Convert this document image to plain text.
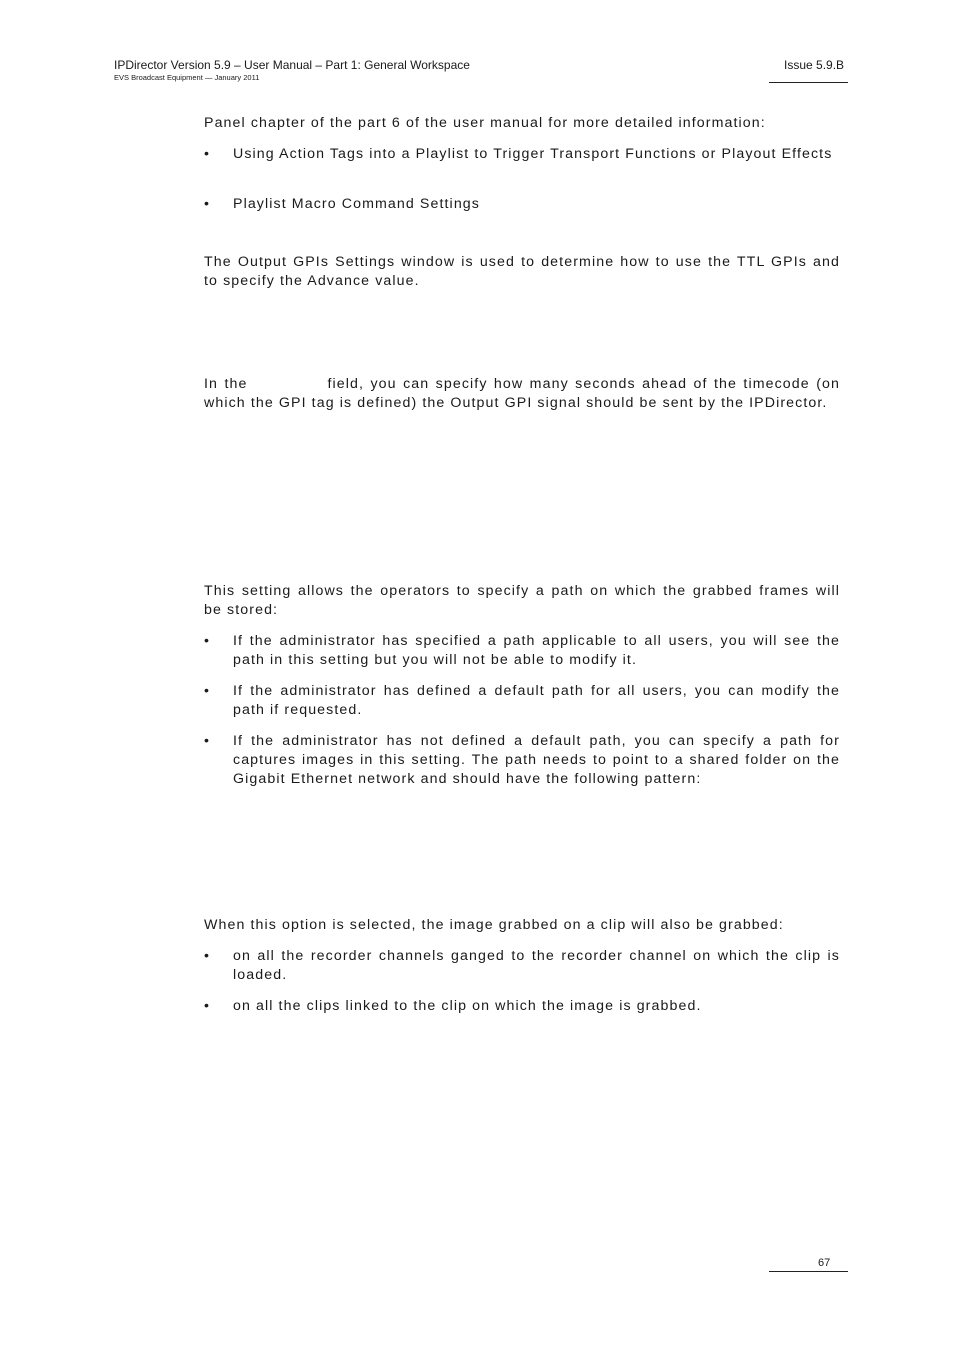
IPDirector Version 5.9 – User Manual – Part 1: General Workspace
EVS Broadcast Equipment — January 2011
Issue 5.9.B

Panel chapter of the part 6 of the user manual for more detailed information:

•	Using Action Tags into a Playlist to Trigger Transport Functions or Playout Effects
•	Playlist Macro Command Settings

The Output GPIs Settings window is used to determine how to use the TTL GPIs and to specify the Advance value.

In the	field, you can specify how many seconds ahead of the timecode (on which the GPI tag is defined) the Output GPI signal should be sent by the IPDirector.

This setting allows the operators to specify a path on which the grabbed frames will be stored:

•	If the administrator has specified a path applicable to all users, you will see the path in this setting but you will not be able to modify it.
•	If the administrator has defined a default path for all users, you can modify the path if requested.
•	If the administrator has not defined a default path, you can specify a path for captures images in this setting. The path needs to point to a shared folder on the Gigabit Ethernet network and should have the following pattern:

When this option is selected, the image grabbed on a clip will also be grabbed:

•	on all the recorder channels ganged to the recorder channel on which the clip is loaded.
•	on all the clips linked to the clip on which the image is grabbed.
67
